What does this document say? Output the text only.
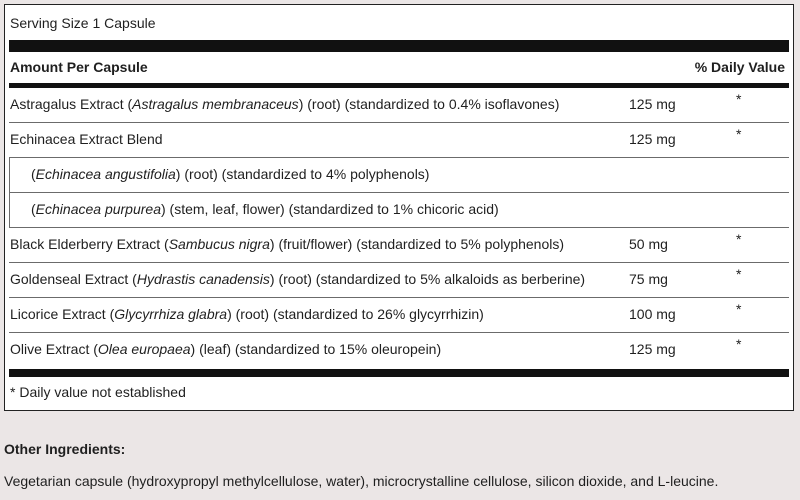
Serving Size 1 Capsule
Amount Per Capsule	% Daily Value
Astragalus Extract (Astragalus membranaceus) (root) (standardized to 0.4% isoflavones)	125 mg	*
Echinacea Extract Blend	125 mg	*
(Echinacea angustifolia) (root) (standardized to 4% polyphenols)
(Echinacea purpurea) (stem, leaf, flower) (standardized to 1% chicoric acid)
Black Elderberry Extract (Sambucus nigra) (fruit/flower) (standardized to 5% polyphenols)	50 mg	*
Goldenseal Extract (Hydrastis canadensis) (root) (standardized to 5% alkaloids as berberine)	75 mg	*
Licorice Extract (Glycyrrhiza glabra) (root) (standardized to 26% glycyrrhizin)	100 mg	*
Olive Extract (Olea europaea) (leaf) (standardized to 15% oleuropein)	125 mg	*
* Daily value not established
Other Ingredients:
Vegetarian capsule (hydroxypropyl methylcellulose, water), microcrystalline cellulose, silicon dioxide, and L-leucine.
